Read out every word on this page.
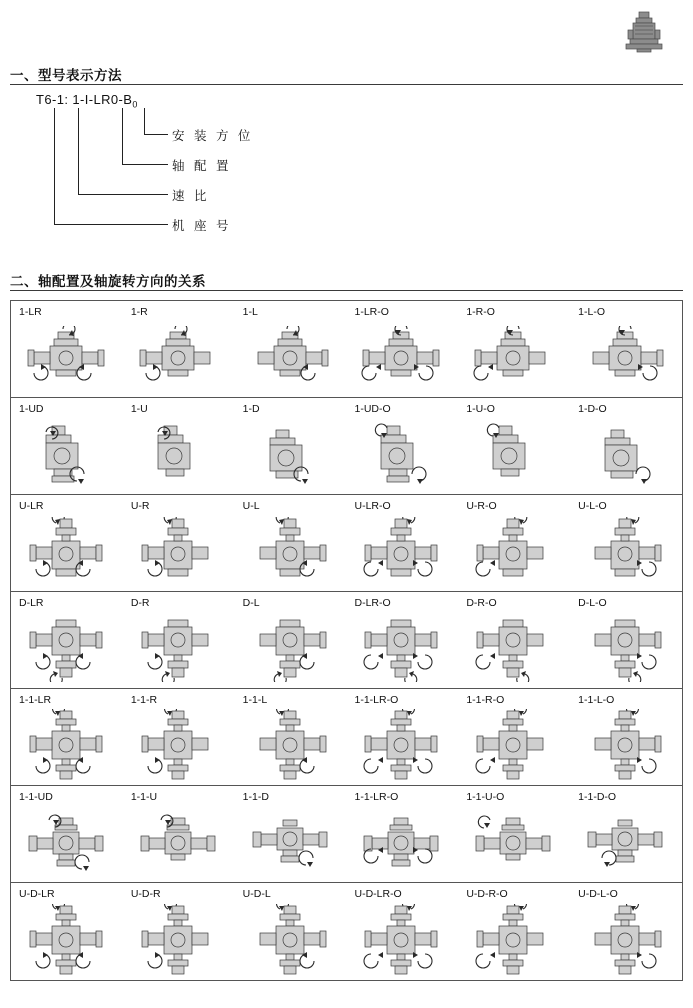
一、型号表示方法
T6-1: $1-I-LR0-B_0$
安 装 方 位
轴 配 置
速 比
机 座 号
二、轴配置及轴旋转方向的关系
1-LR	1-R	1-L	1-LR-O	1-R-O	1-L-O
1-UD	1-U	1-D	1-UD-O	1-U-O	1-D-O
U-LR	U-R	U-L	U-LR-O	U-R-O	U-L-O
D-LR	D-R	D-L	D-LR-O	D-R-O	D-L-O
1-1-LR	1-1-R	1-1-L	1-1-LR-O	1-1-R-O	1-1-L-O
1-1-UD	1-1-U	1-1-D	1-1-LR-O	1-1-U-O	1-1-D-O
U-D-LR	U-D-R	U-D-L	U-D-LR-O	U-D-R-O	U-D-L-O
